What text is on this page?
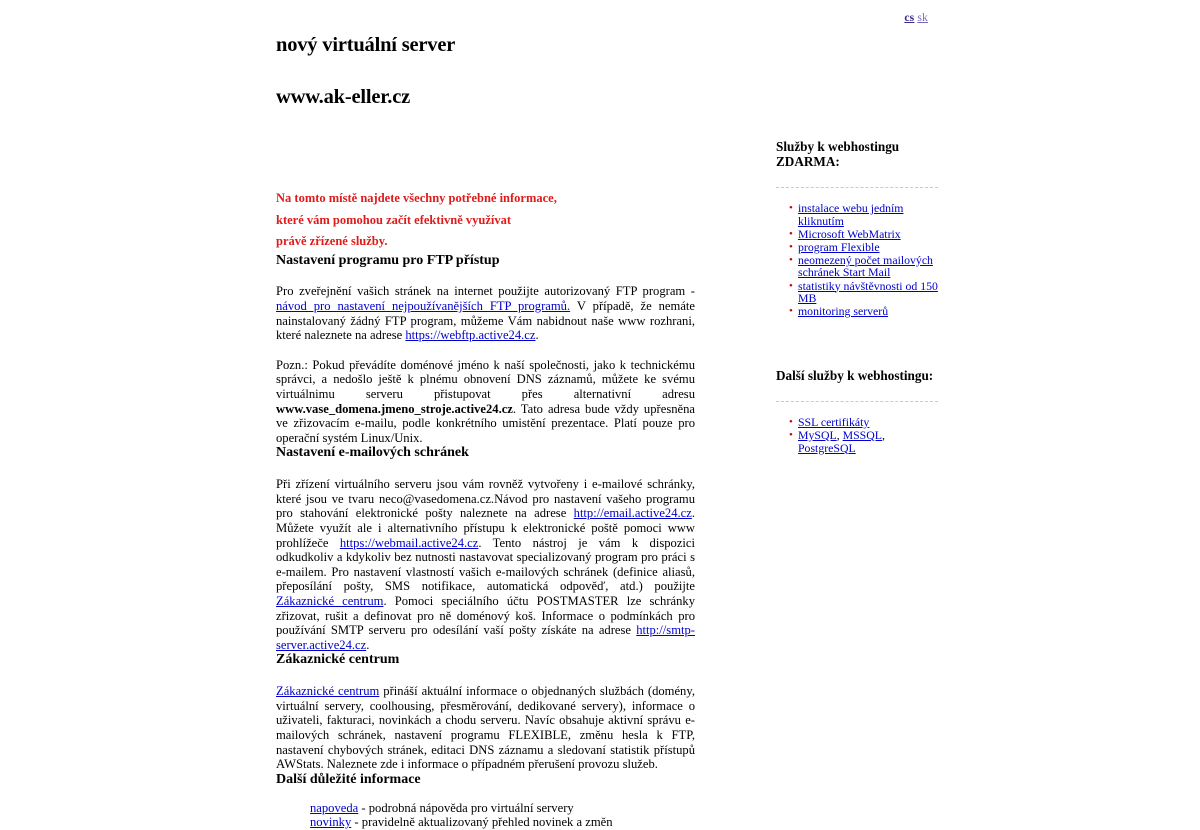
cs sk
nový virtuální server
www.ak-eller.cz
Na tomto místě najdete všechny potřebné informace,
které vám pomohou začít efektivně využívat
právě zřízené služby.
Nastavení programu pro FTP přístup

Pro zveřejnění vašich stránek na internet použijte autorizovaný FTP program - návod pro nastavení nejpoužívanějších FTP programů. V případě, že nemáte nainstalovaný žádný FTP program, můžeme Vám nabidnout naše www rozhrani, které naleznete na adrese https://webftp.active24.cz.

Pozn.: Pokud převádíte doménové jméno k naší společnosti, jako k technickému správci, a nedošlo ještě k plnému obnovení DNS záznamů, můžete ke svému virtuálnimu serveru přistupovat přes alternativní adresu www.vase_domena.jmeno_stroje.active24.cz. Tato adresa bude vždy upřesněna ve zřizovacím e-mailu, podle konkrétního umistění prezentace. Platí pouze pro operační systém Linux/Unix.

Nastavení e-mailových schránek

Při zřízení virtuálního serveru jsou vám rovněž vytvořeny i e-mailové schránky, které jsou ve tvaru neco@vasedomena.cz.Návod pro nastavení vašeho programu pro stahování elektronické pošty naleznete na adrese http://email.active24.cz. Můžete využít ale i alternativního přístupu k elektronické poště pomoci www prohlížeče https://webmail.active24.cz. Tento nástroj je vám k dispozici odkudkoliv a kdykoliv bez nutnosti nastavovat specializovaný program pro práci s e-mailem. Pro nastavení vlastností vašich e-mailových schránek (definice aliasů, přeposílání pošty, SMS notifikace, automatická odpověď, atd.) použijte Zákaznické centrum. Pomoci speciálního účtu POSTMASTER lze schránky zřizovat, rušit a definovat pro ně doménový koš. Informace o podmínkách pro používání SMTP serveru pro odesílání vaší pošty získáte na adrese http://smtp-server.active24.cz.

Zákaznické centrum

Zákaznické centrum přináší aktuální informace o objednaných službách (domény, virtuální servery, coolhousing, přesměrování, dedikované servery), informace o uživateli, fakturaci, novinkách a chodu serveru. Navíc obsahuje aktivní správu e-mailových schránek, nastavení programu FLEXIBLE, změnu hesla k FTP, nastavení chybových stránek, editaci DNS záznamu a sledovaní statistik přístupů AWStats. Naleznete zde i informace o případném přerušení provozu služeb.

Další důležité informace
napoveda - podrobná nápověda pro virtuální servery
novinky - pravidelně aktualizovaný přehled novinek a změn
Služby k webhostingu
ZDARMA:
• instalace webu jedním kliknutím
• Microsoft WebMatrix
• program Flexible
• neomezený počet mailových schránek Start Mail
• statistiky návštěvnosti od 150 MB
• monitoring serverů
Další služby k webhostingu:
• SSL certifikáty
• MySQL, MSSQL, PostgreSQL
